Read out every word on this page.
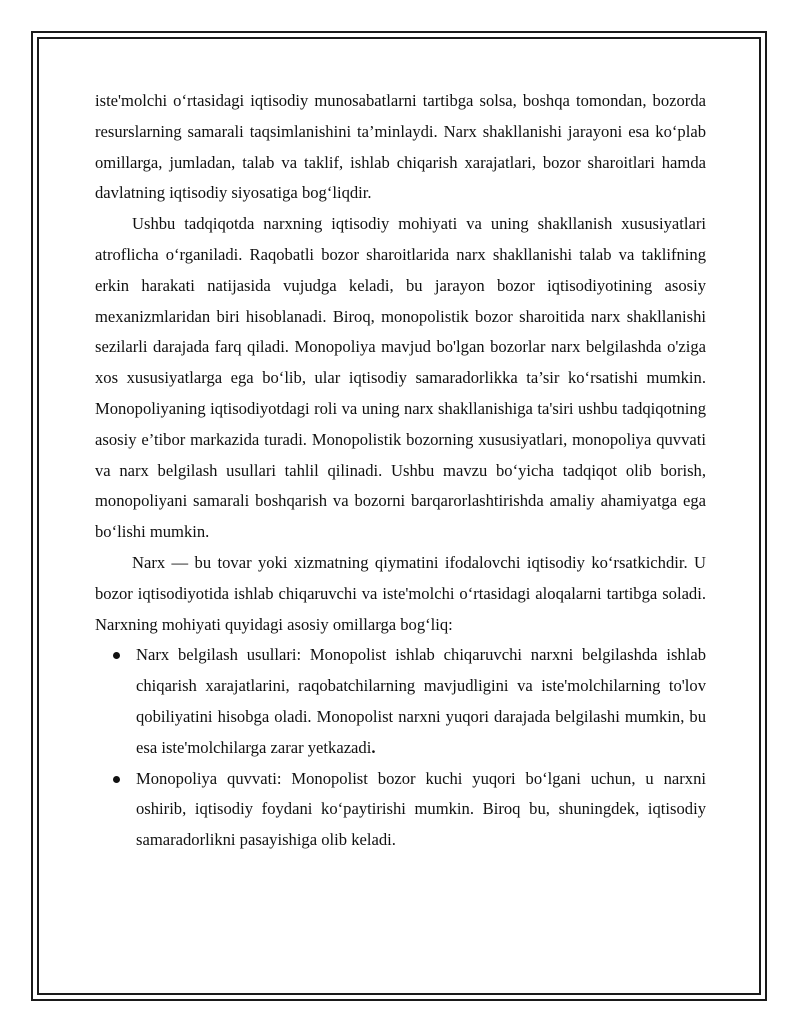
iste'molchi o‘rtasidagi iqtisodiy munosabatlarni tartibga solsa, boshqa tomondan, bozorda resurslarning samarali taqsimlanishini ta’minlaydi. Narx shakllanishi jarayoni esa ko‘plab omillarga, jumladan, talab va taklif, ishlab chiqarish xarajatlari, bozor sharoitlari hamda davlatning iqtisodiy siyosatiga bog‘liqdir.

Ushbu tadqiqotda narxning iqtisodiy mohiyati va uning shakllanish xususiyatlari atroflicha o‘rganiladi. Raqobatli bozor sharoitlarida narx shakllanishi talab va taklifning erkin harakati natijasida vujudga keladi, bu jarayon bozor iqtisodiyotining asosiy mexanizmlaridan biri hisoblanadi. Biroq, monopolistik bozor sharoitida narx shakllanishi sezilarli darajada farq qiladi. Monopoliya mavjud bo'lgan bozorlar narx belgilashda o'ziga xos xususiyatlarga ega bo‘lib, ular iqtisodiy samaradorlikka ta’sir ko‘rsatishi mumkin. Monopoliyaning iqtisodiyotdagi roli va uning narx shakllanishiga ta'siri ushbu tadqiqotning asosiy e’tibor markazida turadi. Monopolistik bozorning xususiyatlari, monopoliya quvvati va narx belgilash usullari tahlil qilinadi. Ushbu mavzu bo‘yicha tadqiqot olib borish, monopoliyani samarali boshqarish va bozorni barqarorlashtirishda amaliy ahamiyatga ega bo‘lishi mumkin.

Narx — bu tovar yoki xizmatning qiymatini ifodalovchi iqtisodiy ko‘rsatkichdir. U bozor iqtisodiyotida ishlab chiqaruvchi va iste'molchi o‘rtasidagi aloqalarni tartibga soladi. Narxning mohiyati quyidagi asosiy omillarga bog‘liq:

Narx belgilash usullari: Monopolist ishlab chiqaruvchi narxni belgilashda ishlab chiqarish xarajatlarini, raqobatchilarning mavjudligini va iste'molchilarning to'lov qobiliyatini hisobga oladi. Monopolist narxni yuqori darajada belgilashi mumkin, bu esa iste'molchilarga zarar yetkazadi.
Monopoliya quvvati: Monopolist bozor kuchi yuqori bo‘lgani uchun, u narxni oshirib, iqtisodiy foydani ko‘paytirishi mumkin. Biroq bu, shuningdek, iqtisodiy samaradorlikni pasayishiga olib keladi.
